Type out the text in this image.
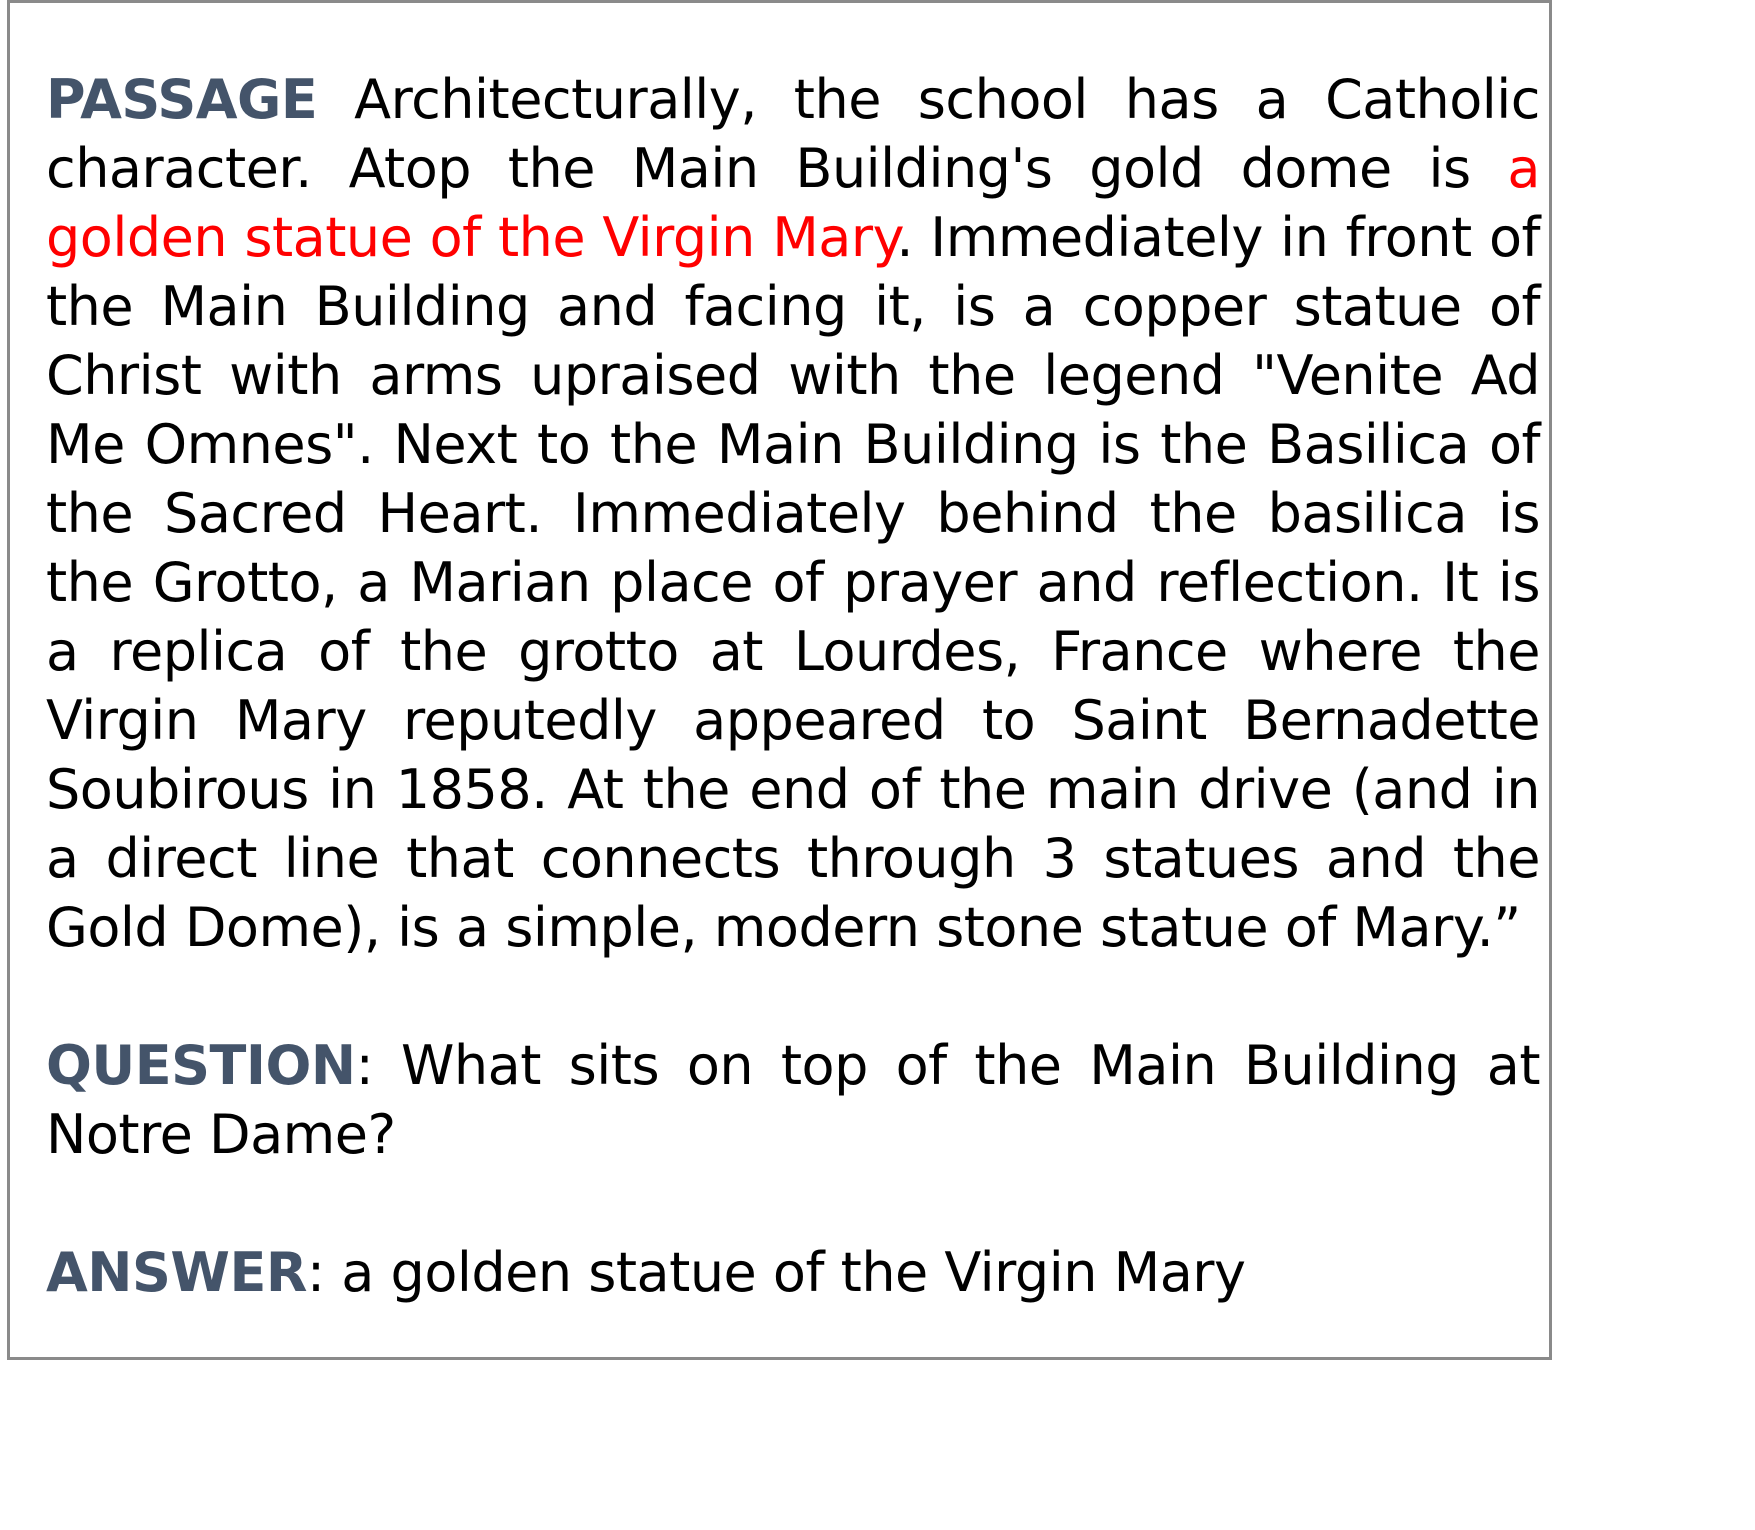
PASSAGE Architecturally, the school has a Catholic character. Atop the Main Building's gold dome is a golden statue of the Virgin Mary. Immediately in front of the Main Building and facing it, is a copper statue of Christ with arms upraised with the legend "Venite Ad Me Omnes". Next to the Main Building is the Basilica of the Sacred Heart. Immediately behind the basilica is the Grotto, a Marian place of prayer and reflection. It is a replica of the grotto at Lourdes, France where the Virgin Mary reputedly appeared to Saint Bernadette Soubirous in 1858. At the end of the main drive (and in a direct line that connects through 3 statues and the Gold Dome), is a simple, modern stone statue of Mary.”

QUESTION: What sits on top of the Main Building at Notre Dame?

ANSWER: a golden statue of the Virgin Mary
